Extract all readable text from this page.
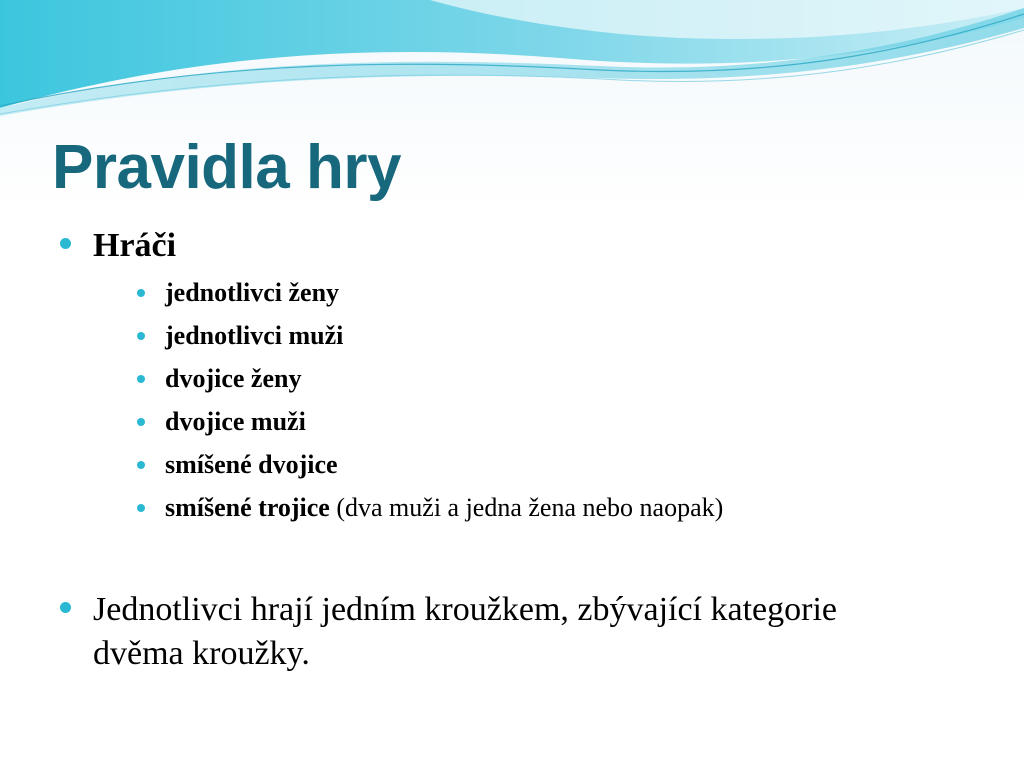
Pravidla hry
Hráči
jednotlivci ženy
jednotlivci muži
dvojice ženy
dvojice muži
smíšené dvojice
smíšené trojice (dva muži a jedna žena nebo naopak)
Jednotlivci hrají jedním kroužkem, zbývající kategorie
dvěma kroužky.
